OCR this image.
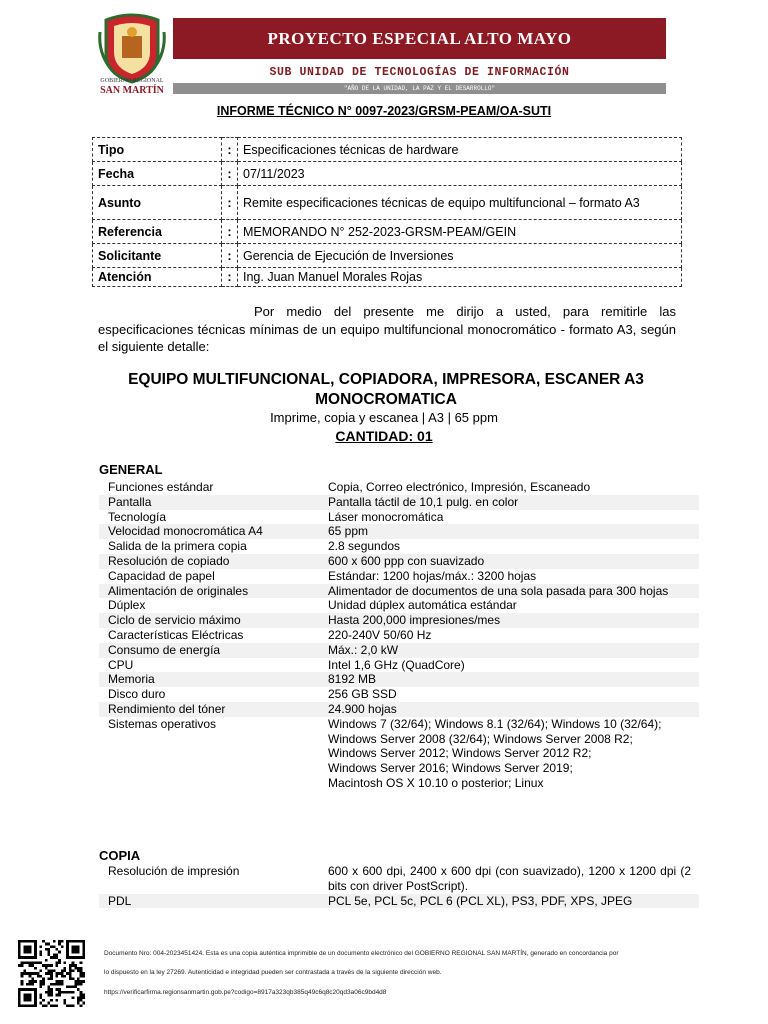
GOBIERNO REGIONAL
SAN MARTÍN
PROYECTO ESPECIAL ALTO MAYO
SUB UNIDAD DE TECNOLOGÍAS DE INFORMACIÓN
"AÑO DE LA UNIDAD, LA PAZ Y EL DESARROLLO"
INFORME TÉCNICO N° 0097-2023/GRSM-PEAM/OA-SUTI
Tipo	:	Especificaciones técnicas de hardware
Fecha	:	07/11/2023
Asunto	:	Remite especificaciones técnicas de equipo multifuncional – formato A3
Referencia	:	MEMORANDO N° 252-2023-GRSM-PEAM/GEIN
Solicitante	:	Gerencia de Ejecución de Inversiones
Atención	:	Ing. Juan Manuel Morales Rojas
Por medio del presente me dirijo a usted, para remitirle las especificaciones técnicas mínimas de un equipo multifuncional monocromático - formato A3, según el siguiente detalle:
EQUIPO MULTIFUNCIONAL, COPIADORA, IMPRESORA, ESCANER A3 MONOCROMATICA
Imprime, copia y escanea | A3 | 65 ppm
CANTIDAD: 01
GENERAL
Funciones estándar	Copia, Correo electrónico, Impresión, Escaneado
Pantalla	Pantalla táctil de 10,1 pulg. en color
Tecnología	Láser monocromática
Velocidad monocromática A4	65 ppm
Salida de la primera copia	2.8 segundos
Resolución de copiado	600 x 600 ppp con suavizado
Capacidad de papel	Estándar: 1200 hojas/máx.: 3200 hojas
Alimentación de originales	Alimentador de documentos de una sola pasada para 300 hojas
Dúplex	Unidad dúplex automática estándar
Ciclo de servicio máximo	Hasta 200,000 impresiones/mes
Características Eléctricas	220-240V 50/60 Hz
Consumo de energía	Máx.: 2,0 kW
CPU	Intel 1,6 GHz (QuadCore)
Memoria	8192 MB
Disco duro	256 GB SSD
Rendimiento del tóner	24.900 hojas
Sistemas operativos	Windows 7 (32/64); Windows 8.1 (32/64); Windows 10 (32/64);
Windows Server 2008 (32/64); Windows Server 2008 R2;
Windows Server 2012; Windows Server 2012 R2;
Windows Server 2016; Windows Server 2019;
Macintosh OS X 10.10 o posterior; Linux
COPIA
Resolución de impresión	600 x 600 dpi, 2400 x 600 dpi (con suavizado), 1200 x 1200 dpi (2 bits con driver PostScript).
PDL	PCL 5e, PCL 5c, PCL 6 (PCL XL), PS3, PDF, XPS, JPEG
Documento Nro: 004-2023451424. Esta es una copia auténtica imprimible de un documento electrónico del GOBIERNO REGIONAL SAN MARTÍN, generado en concordancia por
lo dispuesto en la ley 27269. Autenticidad e integridad pueden ser contrastada a través de la siguiente dirección web.
https://verificarfirma.regionsanmartin.gob.pe?codigo=8917a323qb385q49c6q8c20qd3a06c9bd4d8
